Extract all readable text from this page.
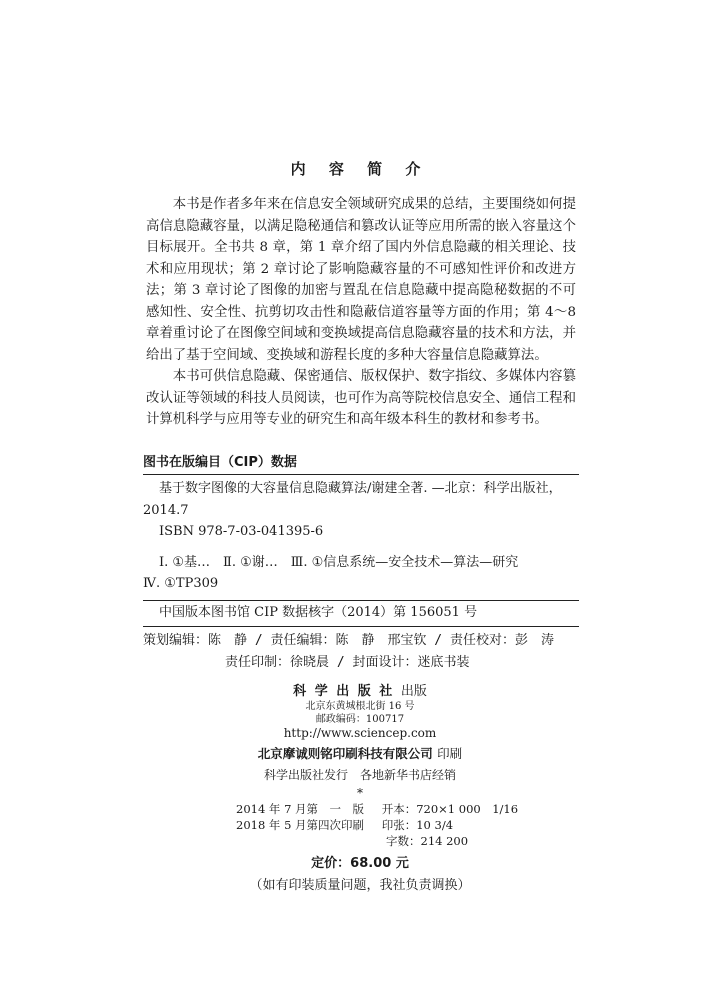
内 容 简 介

本书是作者多年来在信息安全领域研究成果的总结，主要围绕如何提高信息隐藏容量，以满足隐秘通信和篡改认证等应用所需的嵌入容量这个目标展开。全书共 8 章，第 1 章介绍了国内外信息隐藏的相关理论、技术和应用现状；第 2 章讨论了影响隐藏容量的不可感知性评价和改进方法；第 3 章讨论了图像的加密与置乱在信息隐藏中提高隐秘数据的不可感知性、安全性、抗剪切攻击性和隐蔽信道容量等方面的作用；第 4～8 章着重讨论了在图像空间域和变换域提高信息隐藏容量的技术和方法，并给出了基于空间域、变换域和游程长度的多种大容量信息隐藏算法。

本书可供信息隐藏、保密通信、版权保护、数字指纹、多媒体内容篡改认证等领域的科技人员阅读，也可作为高等院校信息安全、通信工程和计算机科学与应用等专业的研究生和高年级本科生的教材和参考书。

图书在版编目（CIP）数据
基于数字图像的大容量信息隐藏算法/谢建全著. —北京：科学出版社，
2014.7
ISBN 978-7-03-041395-6
Ⅰ. ①基…　Ⅱ. ①谢…　Ⅲ. ①信息系统—安全技术—算法—研究
Ⅳ. ①TP309
中国版本图书馆 CIP 数据核字（2014）第 156051 号
策划编辑：陈　静 / 责任编辑：陈　静　邢宝钦 / 责任校对：彭　涛
责任印制：徐晓晨 / 封面设计：迷底书装
科 学 出 版 社 出版
北京东黄城根北街 16 号
邮政编码：100717
http://www.sciencep.com
北京摩诚则铭印刷科技有限公司 印刷
科学出版社发行　各地新华书店经销
*
2014 年 7 月第　一　版 开本：720×1 000　1/16
2018 年 5 月第四次印刷 印张：10 3/4
字数：214 200
定价：68.00 元
（如有印装质量问题，我社负责调换）
